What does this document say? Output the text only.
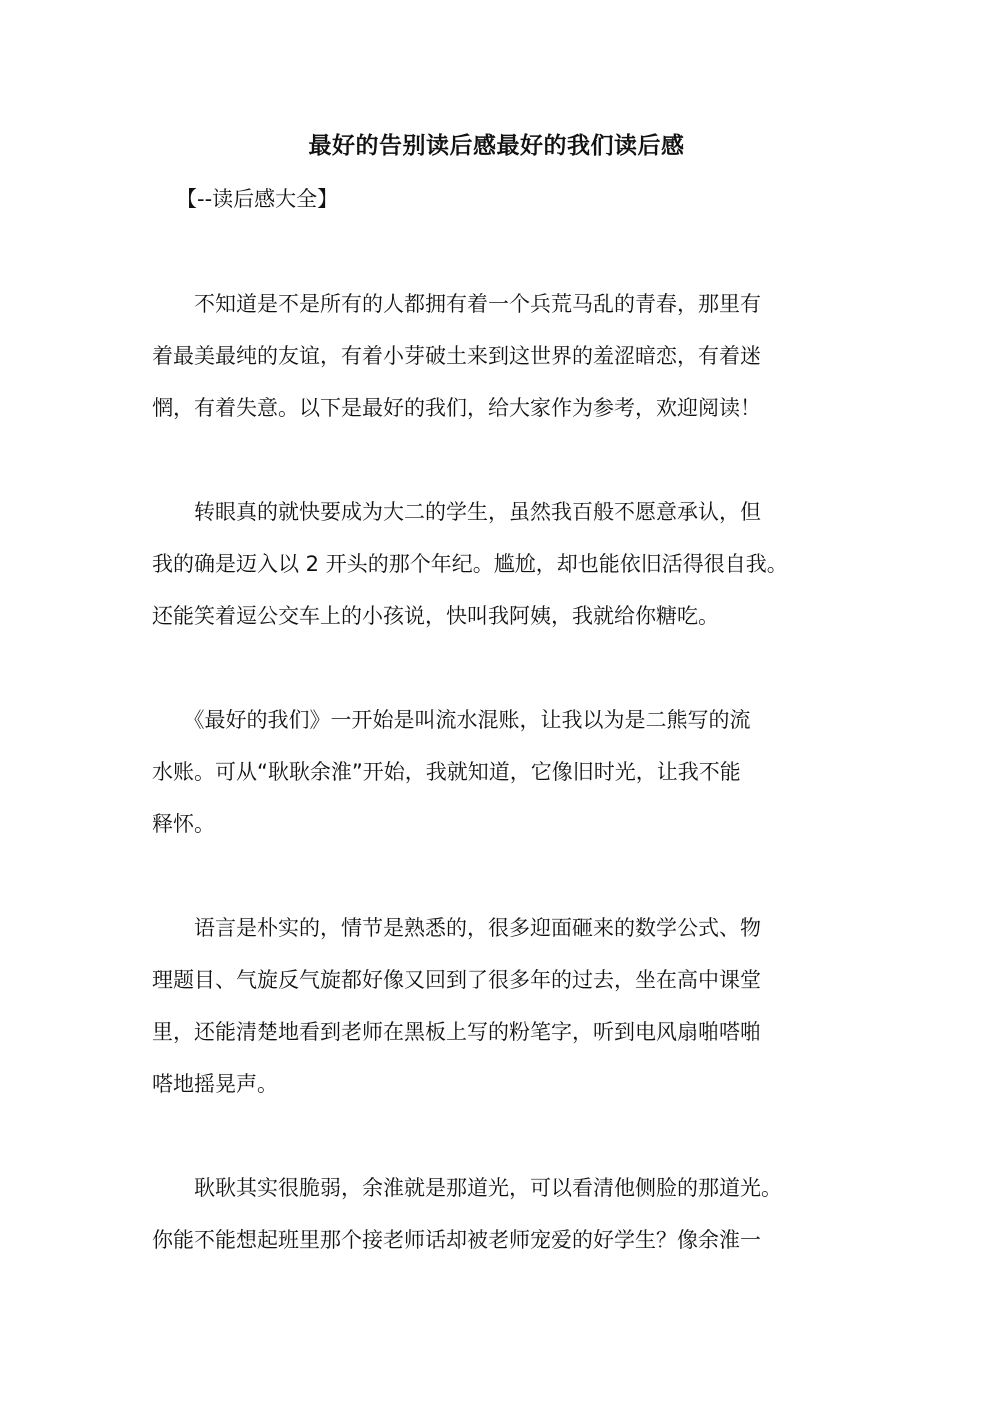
最好的告别读后感最好的我们读后感
【--读后感大全】
　　不知道是不是所有的人都拥有着一个兵荒马乱的青春，那里有
着最美最纯的友谊，有着小芽破土来到这世界的羞涩暗恋，有着迷
惘，有着失意。以下是最好的我们，给大家作为参考，欢迎阅读！
　　转眼真的就快要成为大二的学生，虽然我百般不愿意承认，但
我的确是迈入以 2 开头的那个年纪。尴尬，却也能依旧活得很自我。
还能笑着逗公交车上的小孩说，快叫我阿姨，我就给你糖吃。
　　《最好的我们》一开始是叫流水混账，让我以为是二熊写的流
水账。可从“耿耿余淮”开始，我就知道，它像旧时光，让我不能
释怀。
　　语言是朴实的，情节是熟悉的，很多迎面砸来的数学公式、物
理题目、气旋反气旋都好像又回到了很多年的过去，坐在高中课堂
里，还能清楚地看到老师在黑板上写的粉笔字，听到电风扇啪嗒啪
嗒地摇晃声。
　　耿耿其实很脆弱，余淮就是那道光，可以看清他侧脸的那道光。
你能不能想起班里那个接老师话却被老师宠爱的好学生？像余淮一
